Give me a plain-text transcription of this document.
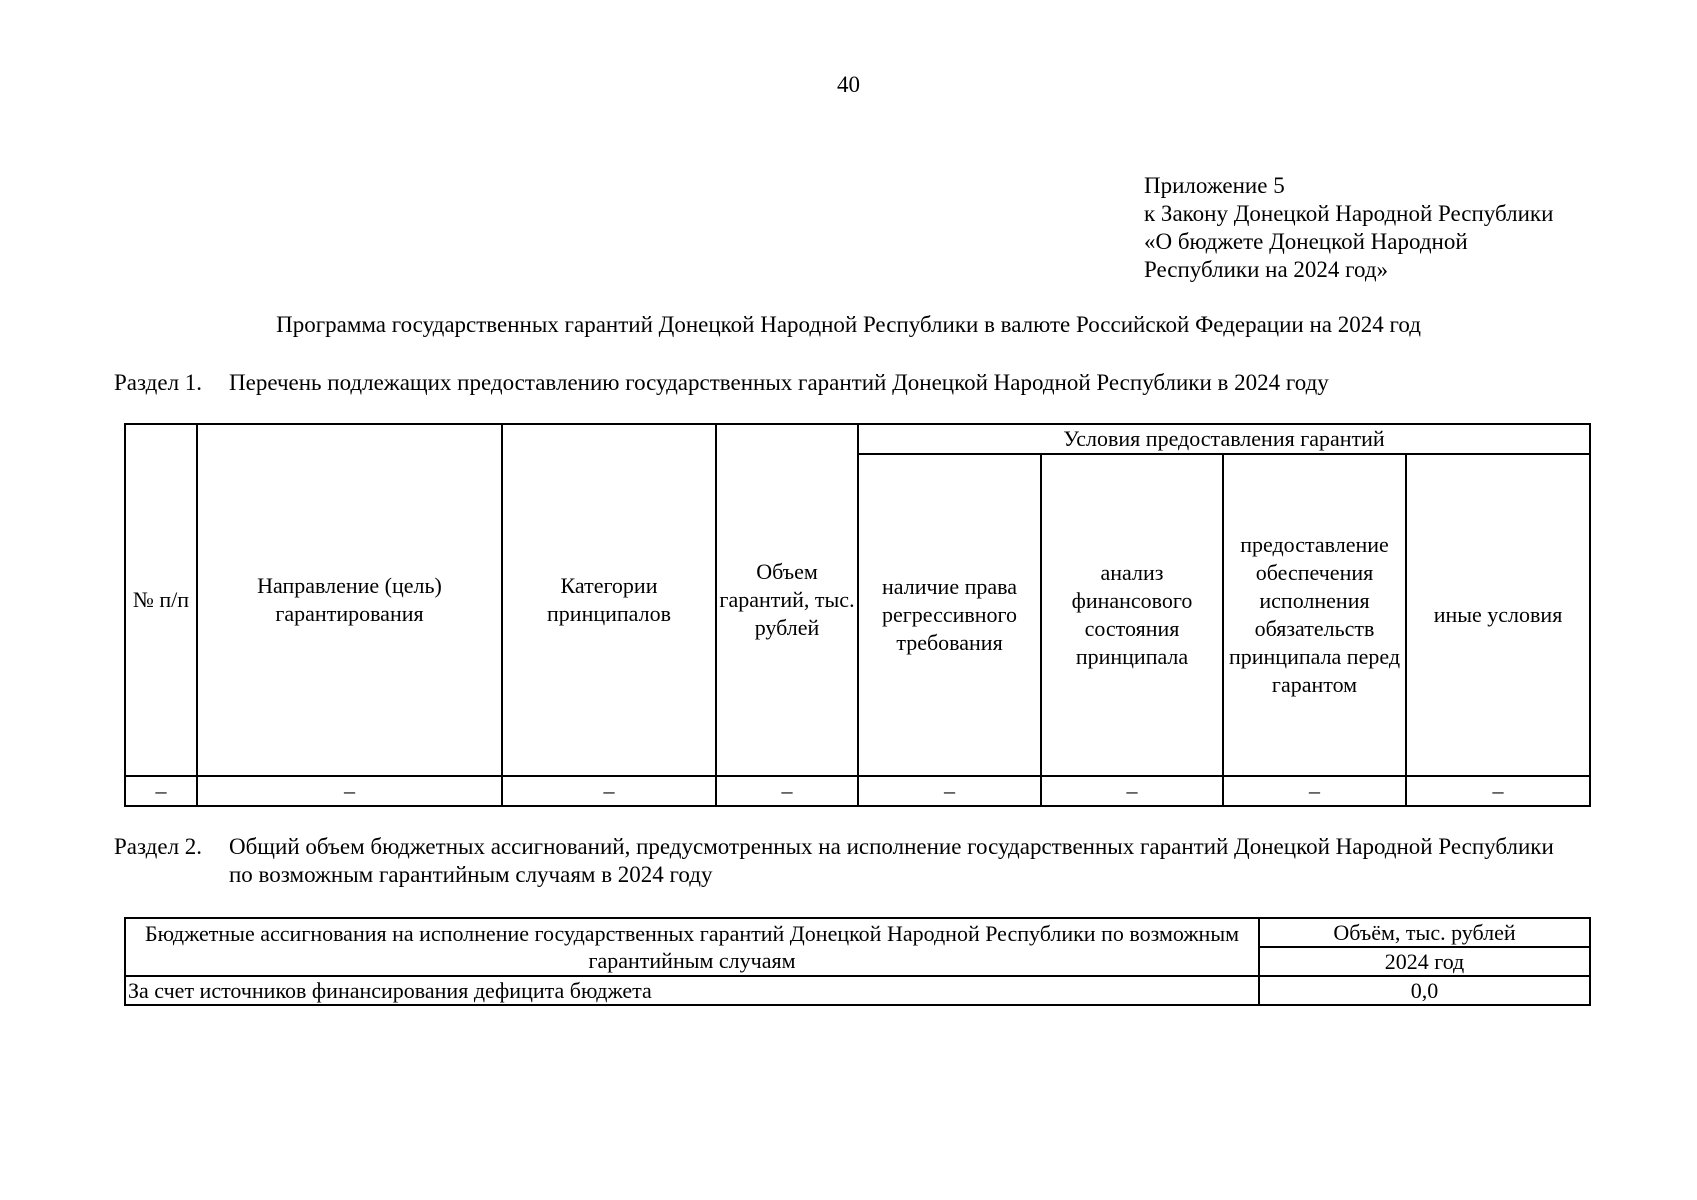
40
Приложение 5
к Закону Донецкой Народной Республики
«О бюджете Донецкой Народной
Республики на 2024 год»
Программа государственных гарантий Донецкой Народной Республики в валюте Российской Федерации на 2024 год
Раздел 1.	Перечень подлежащих предоставлению государственных гарантий Донецкой Народной Республики в 2024 году
№ п/п	Направление (цель) гарантирования	Категории принципалов	Объем гарантий, тыс. рублей	Условия предоставления гарантий			
				наличие права регрессивного требования	анализ финансового состояния принципала	предоставление обеспечения исполнения обязательств принципала перед гарантом	иные условия
–	–	–	–	–	–	–	–
Раздел 2.	Общий объем бюджетных ассигнований, предусмотренных на исполнение государственных гарантий Донецкой Народной Республики по возможным гарантийным случаям в 2024 году
Бюджетные ассигнования на исполнение государственных гарантий Донецкой Народной Республики по возможным гарантийным случаям	Объём, тыс. рублей
	2024 год
За счет источников финансирования дефицита бюджета	0,0
